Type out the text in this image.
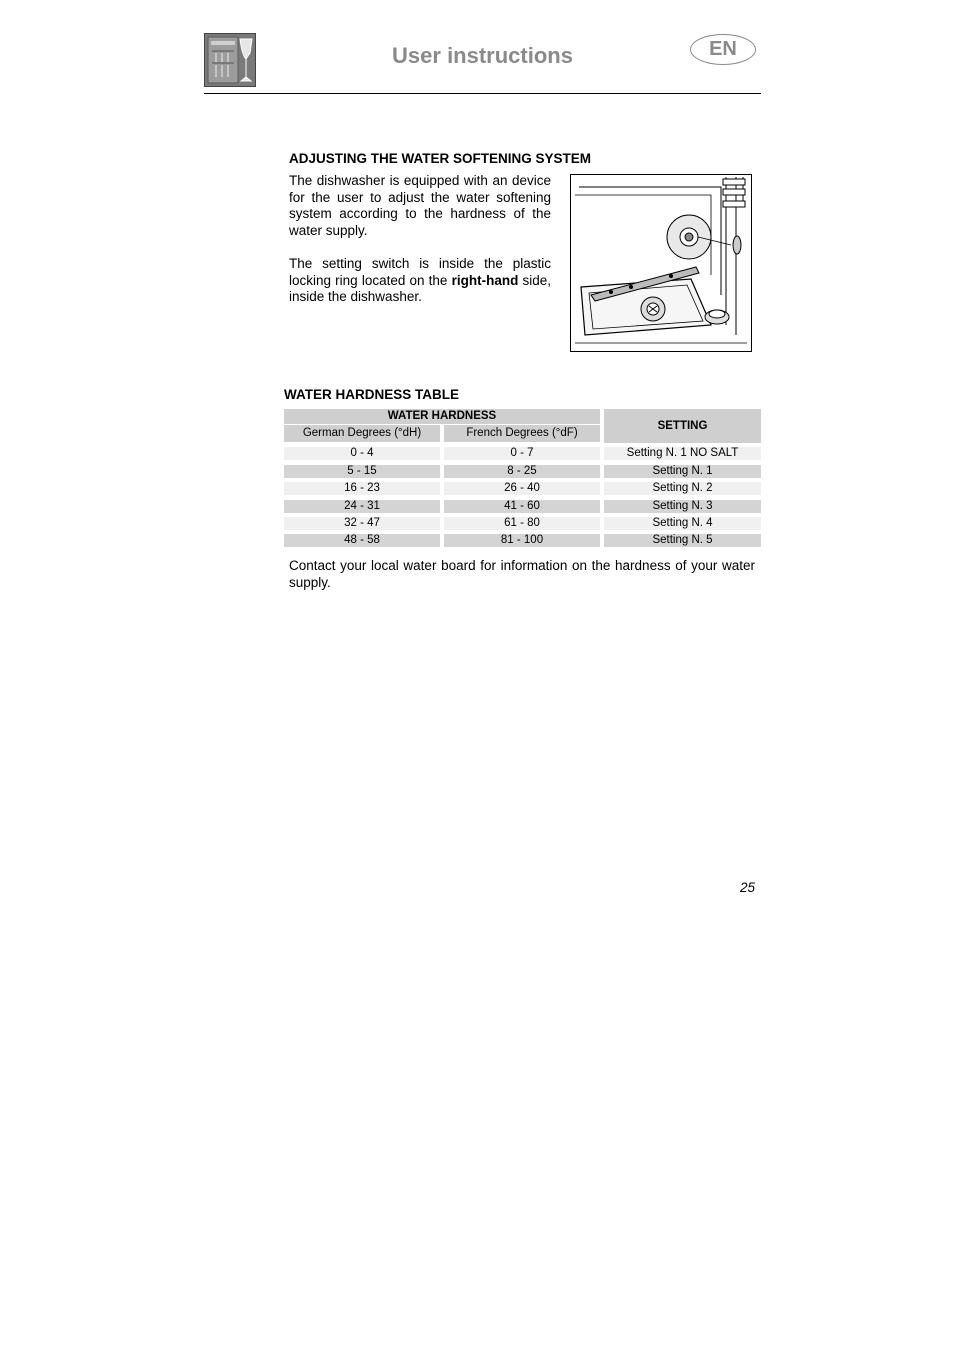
User instructions	EN
ADJUSTING THE WATER SOFTENING SYSTEM
The dishwasher is equipped with an device for the user to adjust the water softening system according to the hardness of the water supply.
The setting switch is inside the plastic locking ring located on the right-hand side, inside the dishwasher.
WATER HARDNESS TABLE
WATER HARDNESS
German Degrees (°dH)	French Degrees (°dF)
SETTING
0 - 4	0 - 7	Setting N. 1 NO SALT
5 - 15	8 - 25	Setting N. 1
16 - 23	26 - 40	Setting N. 2
24 - 31	41 - 60	Setting N. 3
32 - 47	61 - 80	Setting N. 4
48 - 58	81 - 100	Setting N. 5
Contact your local water board for information on the hardness of your water supply.
25
